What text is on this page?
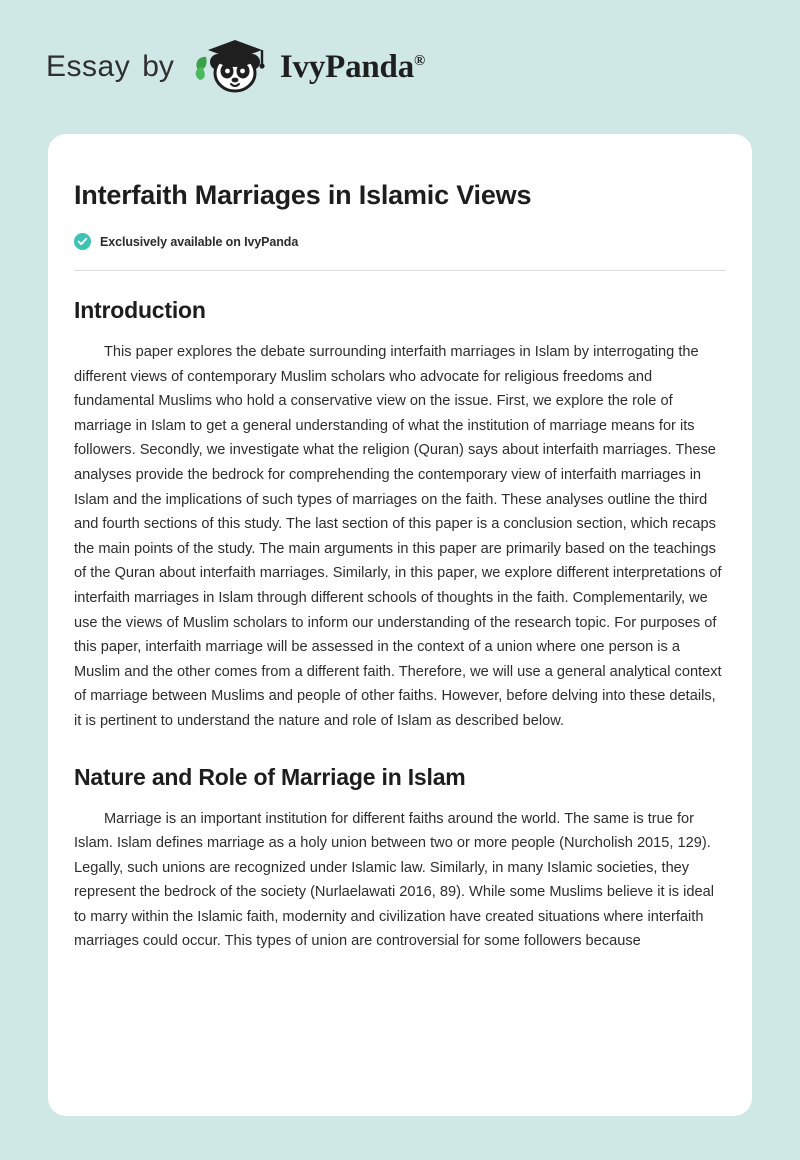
Essay by	IvyPanda®
Interfaith Marriages in Islamic Views
Exclusively available on IvyPanda
Introduction

This paper explores the debate surrounding interfaith marriages in Islam by interrogating the different views of contemporary Muslim scholars who advocate for religious freedoms and fundamental Muslims who hold a conservative view on the issue. First, we explore the role of marriage in Islam to get a general understanding of what the institution of marriage means for its followers. Secondly, we investigate what the religion (Quran) says about interfaith marriages. These analyses provide the bedrock for comprehending the contemporary view of interfaith marriages in Islam and the implications of such types of marriages on the faith. These analyses outline the third and fourth sections of this study. The last section of this paper is a conclusion section, which recaps the main points of the study. The main arguments in this paper are primarily based on the teachings of the Quran about interfaith marriages. Similarly, in this paper, we explore different interpretations of interfaith marriages in Islam through different schools of thoughts in the faith. Complementarily, we use the views of Muslim scholars to inform our understanding of the research topic. For purposes of this paper, interfaith marriage will be assessed in the context of a union where one person is a Muslim and the other comes from a different faith. Therefore, we will use a general analytical context of marriage between Muslims and people of other faiths. However, before delving into these details, it is pertinent to understand the nature and role of Islam as described below.

Nature and Role of Marriage in Islam

Marriage is an important institution for different faiths around the world. The same is true for Islam. Islam defines marriage as a holy union between two or more people (Nurcholish 2015, 129). Legally, such unions are recognized under Islamic law. Similarly, in many Islamic societies, they represent the bedrock of the society (Nurlaelawati 2016, 89). While some Muslims believe it is ideal to marry within the Islamic faith, modernity and civilization have created situations where interfaith marriages could occur. This types of union are controversial for some followers because
